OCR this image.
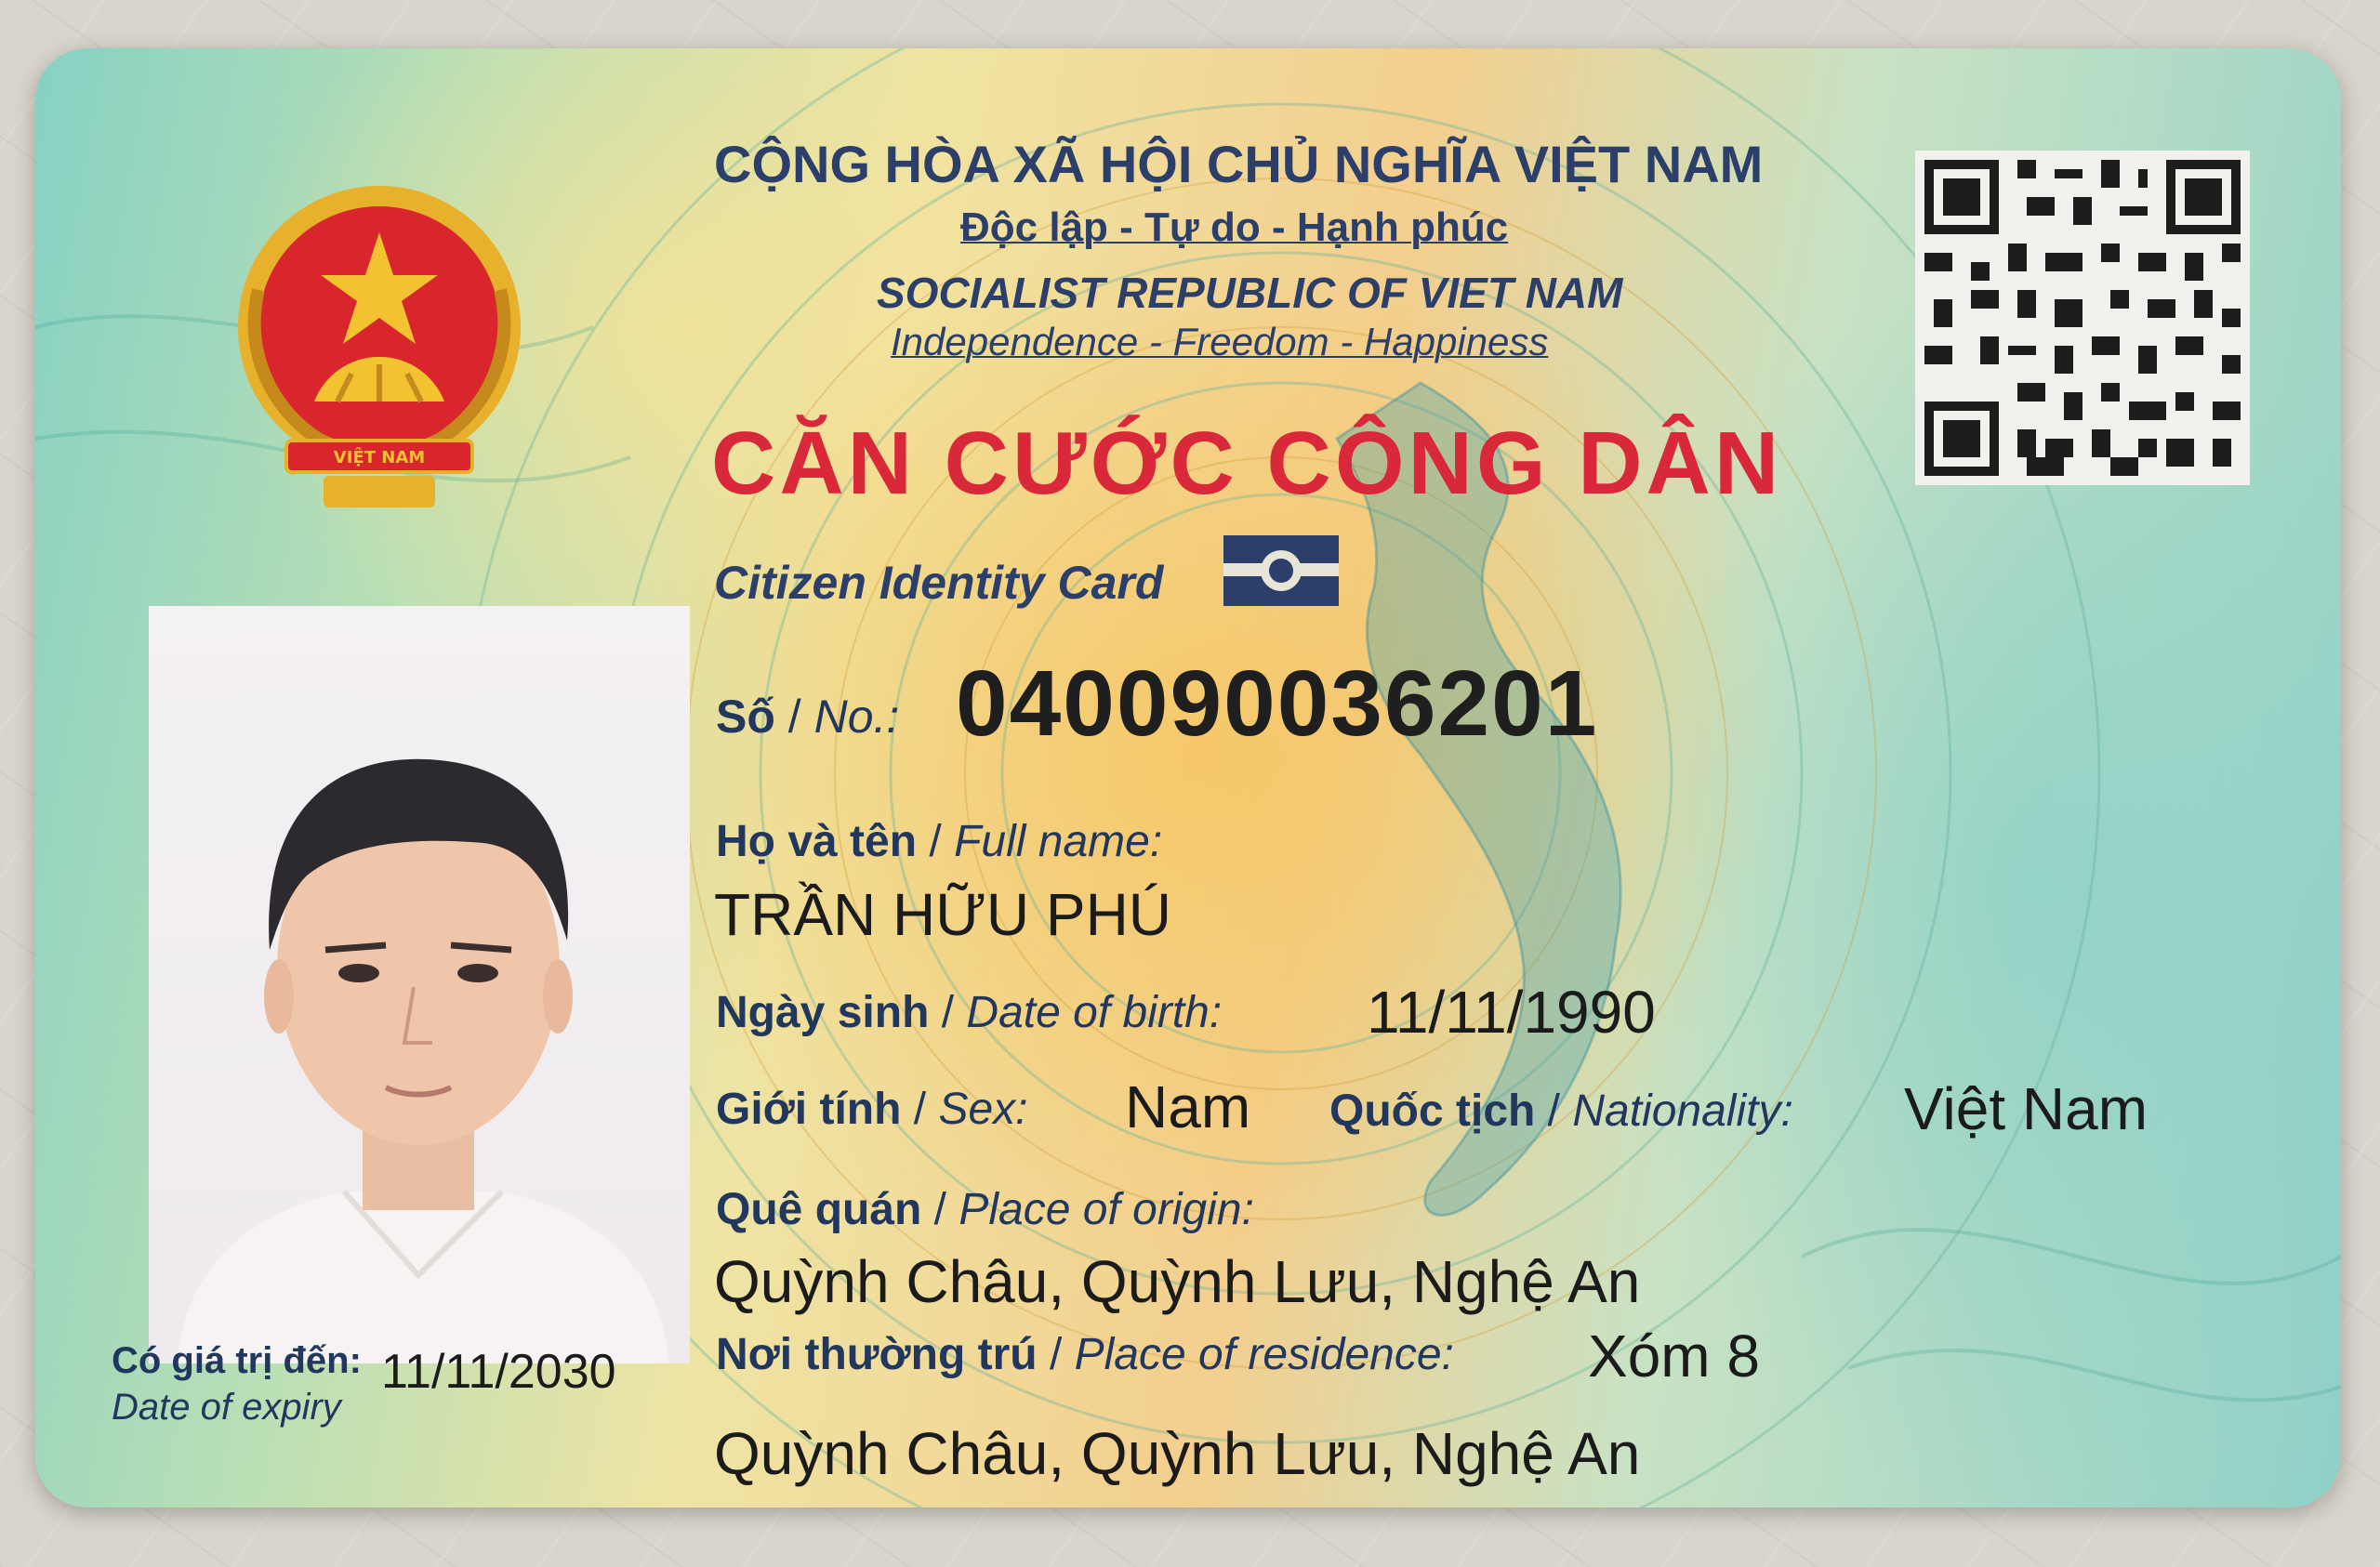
VIỆT NAM
CỘNG HÒA XÃ HỘI CHỦ NGHĨA VIỆT NAM
Độc lập - Tự do - Hạnh phúc
SOCIALIST REPUBLIC OF VIET NAM
Independence - Freedom - Happiness
CĂN CƯỚC CÔNG DÂN
Citizen Identity Card
Số / No.: 040090036201
Họ và tên / Full name:
TRẦN HỮU PHÚ
Ngày sinh / Date of birth: 11/11/1990
Giới tính / Sex: Nam Quốc tịch / Nationality: Việt Nam
Quê quán / Place of origin:
Quỳnh Châu, Quỳnh Lưu, Nghệ An
Nơi thường trú / Place of residence: Xóm 8
Quỳnh Châu, Quỳnh Lưu, Nghệ An
Có giá trị đến:
Date of expiry
11/11/2030
